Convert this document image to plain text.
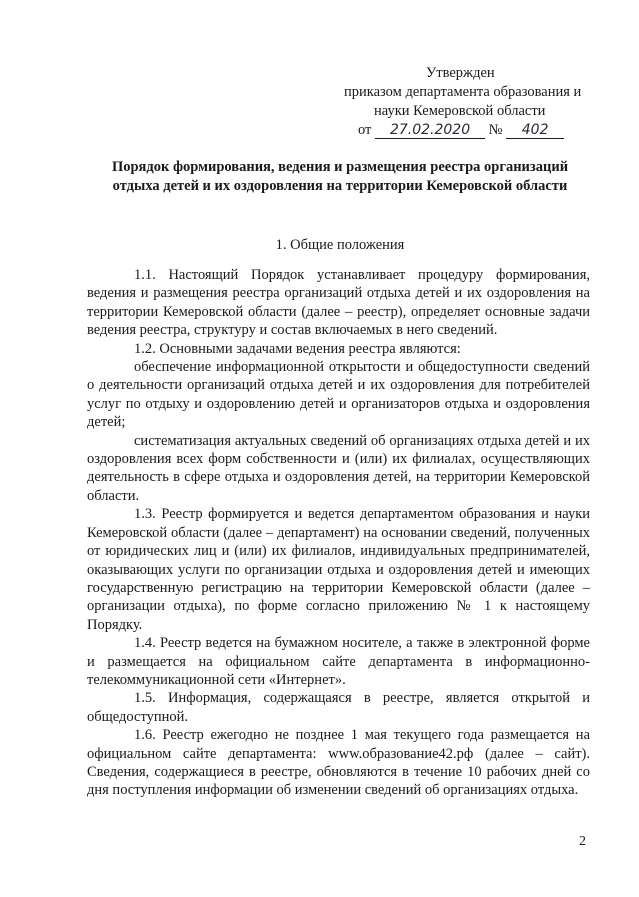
Утвержден
приказом департамента образования и
науки Кемеровской области
от 27.02.2020 № 402
Порядок формирования, ведения и размещения реестра организаций
отдыха детей и их оздоровления на территории Кемеровской области
1. Общие положения

1.1. Настоящий Порядок устанавливает процедуру формирования, ведения и размещения реестра организаций отдыха детей и их оздоровления на территории Кемеровской области (далее – реестр), определяет основные задачи ведения реестра, структуру и состав включаемых в него сведений.

1.2. Основными задачами ведения реестра являются:

обеспечение информационной открытости и общедоступности сведений о деятельности организаций отдыха детей и их оздоровления для потребителей услуг по отдыху и оздоровлению детей и организаторов отдыха и оздоровления детей;

систематизация актуальных сведений об организациях отдыха детей и их оздоровления всех форм собственности и (или) их филиалах, осуществляющих деятельность в сфере отдыха и оздоровления детей, на территории Кемеровской области.

1.3. Реестр формируется и ведется департаментом образования и науки Кемеровской области (далее – департамент) на основании сведений, полученных от юридических лиц и (или) их филиалов, индивидуальных предпринимателей, оказывающих услуги по организации отдыха и оздоровления детей и имеющих государственную регистрацию на территории Кемеровской области (далее – организации отдыха), по форме согласно приложению № 1 к настоящему Порядку.

1.4. Реестр ведется на бумажном носителе, а также в электронной форме и размещается на официальном сайте департамента в информационно-телекоммуникационной сети «Интернет».

1.5. Информация, содержащаяся в реестре, является открытой и общедоступной.

1.6. Реестр ежегодно не позднее 1 мая текущего года размещается на официальном сайте департамента: www.образование42.рф (далее – сайт). Сведения, содержащиеся в реестре, обновляются в течение 10 рабочих дней со дня поступления информации об изменении сведений об организациях отдыха.

2
